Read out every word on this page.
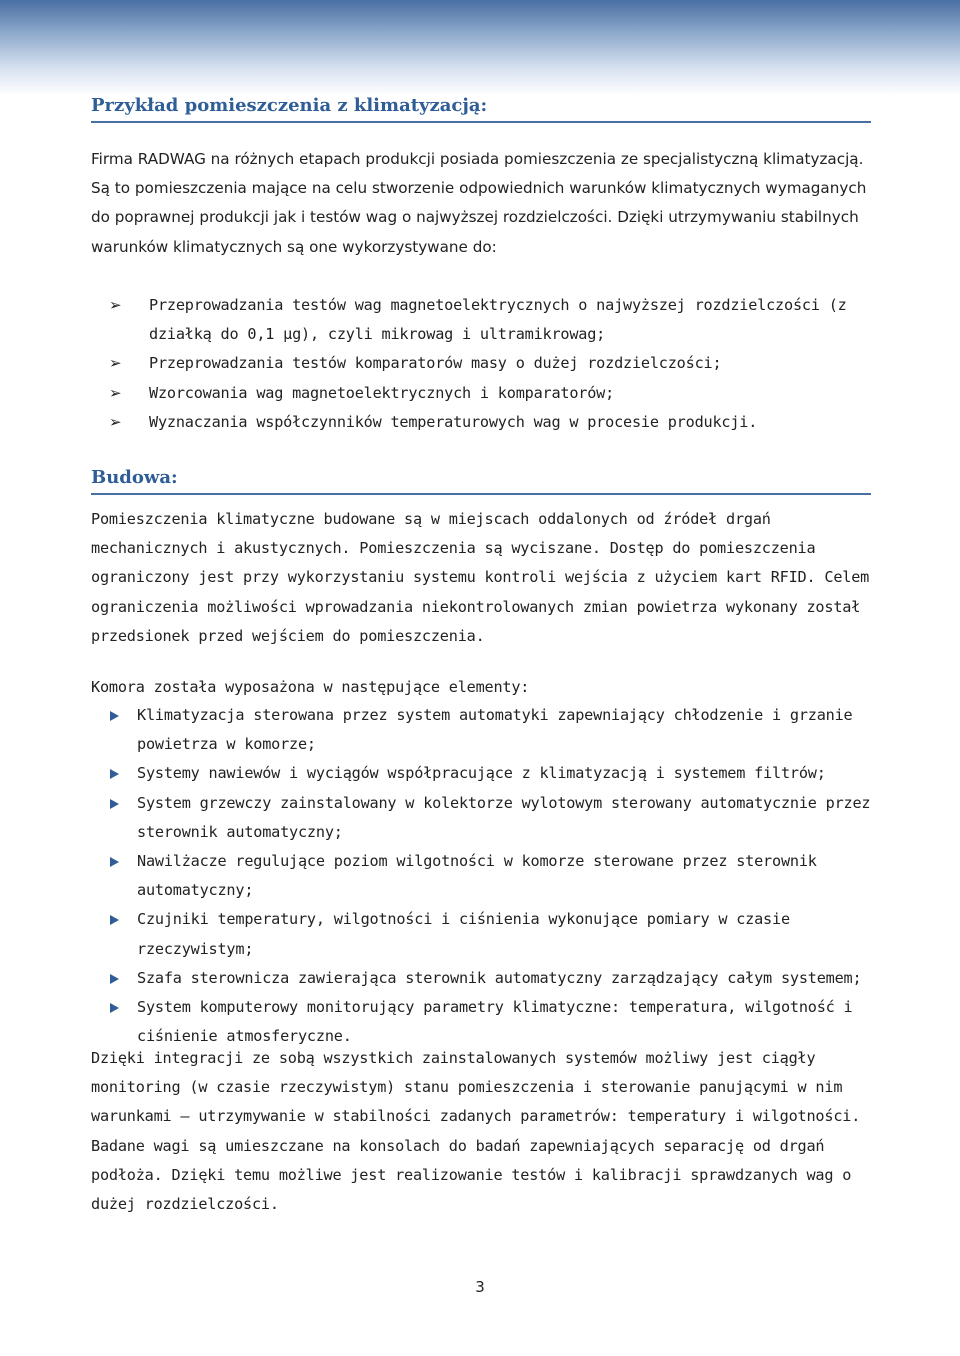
Przykład pomieszczenia z klimatyzacją:

Firma RADWAG na różnych etapach produkcji posiada pomieszczenia ze specjalistyczną klimatyzacją. Są to pomieszczenia mające na celu stworzenie odpowiednich warunków klimatycznych wymaganych do poprawnej produkcji jak i testów wag o najwyższej rozdzielczości. Dzięki utrzymywaniu stabilnych warunków klimatycznych są one wykorzystywane do:

➢ Przeprowadzania testów wag magnetoelektrycznych o najwyższej rozdzielczości (z działką do 0,1 µg), czyli mikrowag i ultramikrowag;
➢ Przeprowadzania testów komparatorów masy o dużej rozdzielczości;
➢ Wzorcowania wag magnetoelektrycznych i komparatorów;
➢ Wyznaczania współczynników temperaturowych wag w procesie produkcji.
Budowa:

Pomieszczenia klimatyczne budowane są w miejscach oddalonych od źródeł drgań mechanicznych i akustycznych. Pomieszczenia są wyciszane. Dostęp do pomieszczenia ograniczony jest przy wykorzystaniu systemu kontroli wejścia z użyciem kart RFID. Celem ograniczenia możliwości wprowadzania niekontrolowanych zmian powietrza wykonany został przedsionek przed wejściem do pomieszczenia.

Komora została wyposażona w następujące elementy:

Klimatyzacja sterowana przez system automatyki zapewniający chłodzenie i grzanie powietrza w komorze;
Systemy nawiewów i wyciągów współpracujące z klimatyzacją i systemem filtrów;
System grzewczy zainstalowany w kolektorze wylotowym sterowany automatycznie przez sterownik automatyczny;
Nawilżacze regulujące poziom wilgotności w komorze sterowane przez sterownik automatyczny;
Czujniki temperatury, wilgotności i ciśnienia wykonujące pomiary w czasie rzeczywistym;
Szafa sterownicza zawierająca sterownik automatyczny zarządzający całym systemem;
System komputerowy monitorujący parametry klimatyczne: temperatura, wilgotność i ciśnienie atmosferyczne.
Dzięki integracji ze sobą wszystkich zainstalowanych systemów możliwy jest ciągły monitoring (w czasie rzeczywistym) stanu pomieszczenia i sterowanie panującymi w nim warunkami – utrzymywanie w stabilności zadanych parametrów: temperatury i wilgotności.
Badane wagi są umieszczane na konsolach do badań zapewniających separację od drgań podłoża. Dzięki temu możliwe jest realizowanie testów i kalibracji sprawdzanych wag o dużej rozdzielczości.
3
